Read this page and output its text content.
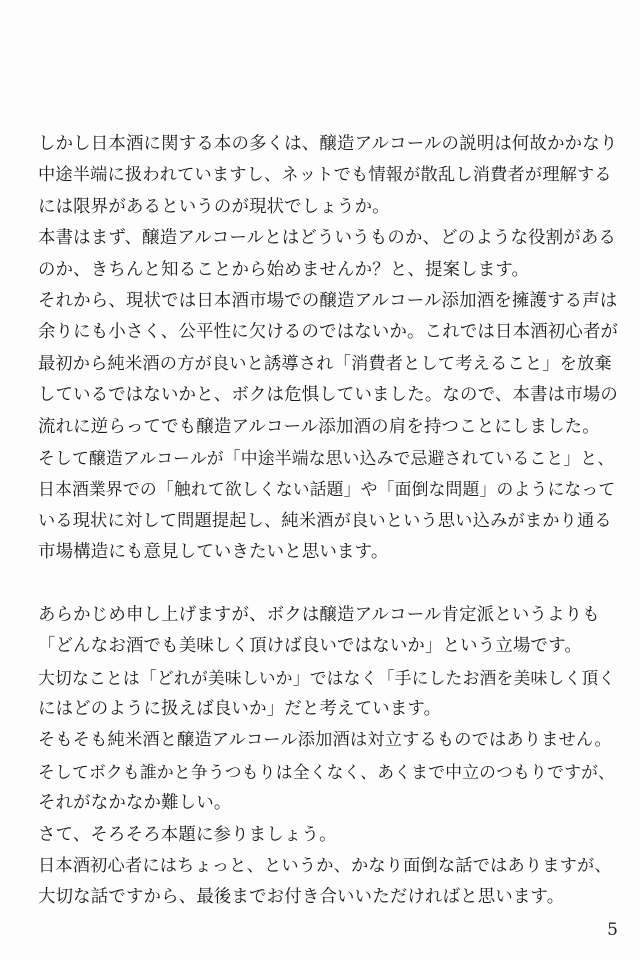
しかし日本酒に関する本の多くは、醸造アルコールの説明は何故かかなり
中途半端に扱われていますし、ネットでも情報が散乱し消費者が理解する
には限界があるというのが現状でしょうか。
本書はまず、醸造アルコールとはどういうものか、どのような役割がある
のか、きちんと知ることから始めませんか？と、提案します。
それから、現状では日本酒市場での醸造アルコール添加酒を擁護する声は
余りにも小さく、公平性に欠けるのではないか。これでは日本酒初心者が
最初から純米酒の方が良いと誘導され「消費者として考えること」を放棄
しているではないかと、ボクは危惧していました。なので、本書は市場の
流れに逆らってでも醸造アルコール添加酒の肩を持つことにしました。
そして醸造アルコールが「中途半端な思い込みで忌避されていること」と、
日本酒業界での「触れて欲しくない話題」や「面倒な問題」のようになって
いる現状に対して問題提起し、純米酒が良いという思い込みがまかり通る
市場構造にも意見していきたいと思います。
あらかじめ申し上げますが、ボクは醸造アルコール肯定派というよりも
「どんなお酒でも美味しく頂けば良いではないか」という立場です。
大切なことは「どれが美味しいか」ではなく「手にしたお酒を美味しく頂く
にはどのように扱えば良いか」だと考えています。
そもそも純米酒と醸造アルコール添加酒は対立するものではありません。
そしてボクも誰かと争うつもりは全くなく、あくまで中立のつもりですが、
それがなかなか難しい。
さて、そろそろ本題に参りましょう。
日本酒初心者にはちょっと、というか、かなり面倒な話ではありますが、
大切な話ですから、最後までお付き合いいただければと思います。
5
